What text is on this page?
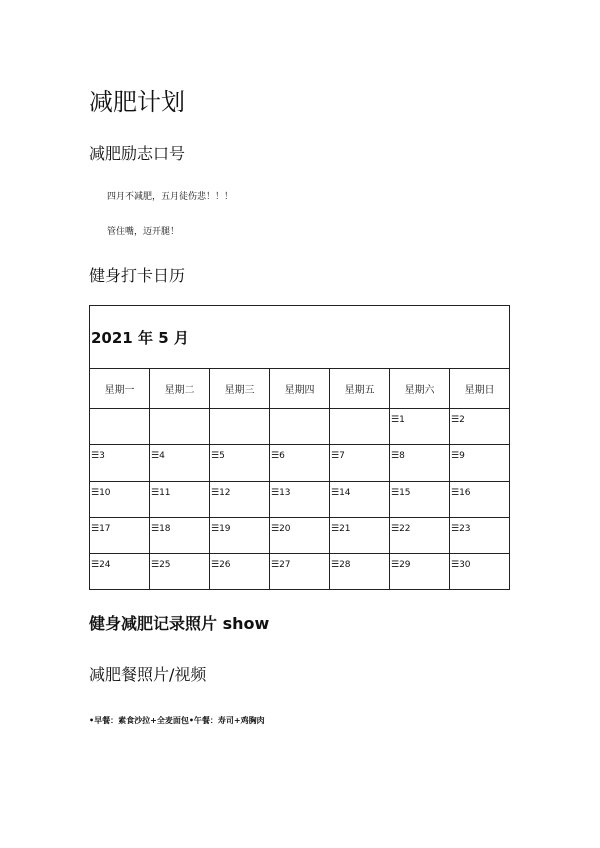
减肥计划
减肥励志口号
四月不减肥，五月徒伤悲！！！
管住嘴，迈开腿！
健身打卡日历
2021 年 5 月						
星期一	星期二	星期三	星期四	星期五	星期六	星期日

					☰1	☰2

☰3	☰4	☰5	☰6	☰7	☰8	☰9

☰10	☰11	☰12	☰13	☰14	☰15	☰16

☰17	☰18	☰19	☰20	☰21	☰22	☰23

☰24	☰25	☰26	☰27	☰28	☰29	☰30
健身减肥记录照片 show
减肥餐照片/视频
•早餐：素食沙拉+全麦面包•午餐：寿司+鸡胸肉
